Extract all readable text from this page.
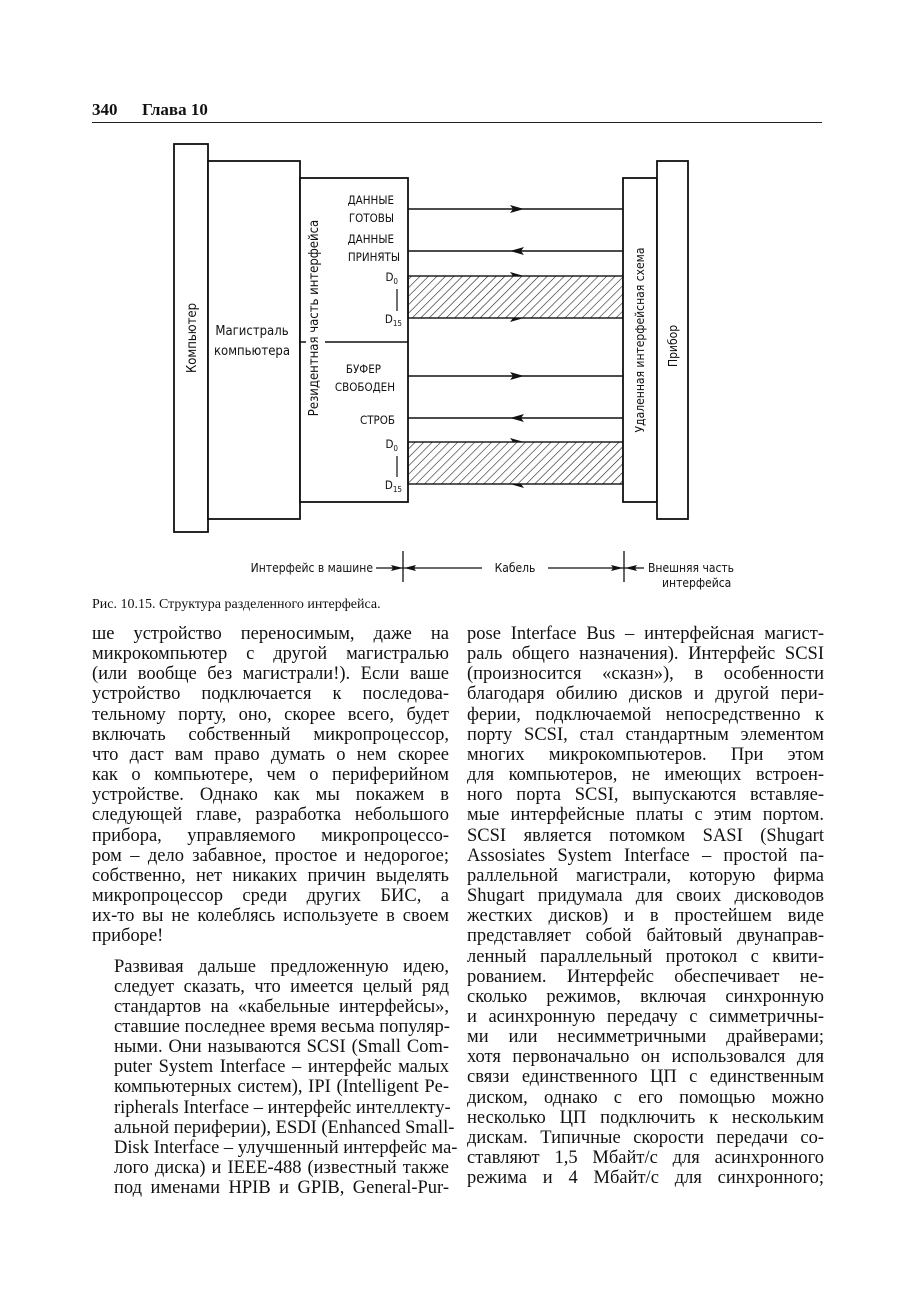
340 Глава 10
Компьютер Магистраль
компьютера Резидентная часть интерфейса
ДАННЫЕ
ГОТОВЫ
ДАННЫЕ
ПРИНЯТЫ
$D_0$
$D_{15}$
БУФЕР
СВОБОДЕН
СТРОБ
$D_0$
$D_{15}$
Удаленная интерфейсная схема Прибор
Интерфейс в машине	Кабель	Внешняя часть
интерфейса
Рис. 10.15. Структура разделенного интерфейса.

ше устройство переносимым, даже на
микрокомпьютер с другой магистралью
(или вообще без магистрали!). Если ваше
устройство подключается к последова-
тельному порту, оно, скорее всего, будет
включать собственный микропроцессор,
что даст вам право думать о нем скорее
как о компьютере, чем о периферийном
устройстве. Однако как мы покажем в
следующей главе, разработка небольшого
прибора, управляемого микропроцессо-
ром – дело забавное, простое и недорогое;
собственно, нет никаких причин выделять
микропроцессор среди других БИС, а
их-то вы не колеблясь используете в своем
приборе!

Развивая дальше предложенную идею,
следует сказать, что имеется целый ряд
стандартов на «кабельные интерфейсы»,
ставшие последнее время весьма популяр-
ными. Они называются SCSI (Small Com-
puter System Interface – интерфейс малых
компьютерных систем), IPI (Intelligent Pe-
ripherals Interface – интерфейс интеллекту-
альной периферии), ESDI (Enhanced Small-
Disk Interface – улучшенный интерфейс ма-
лого диска) и IEEE-488 (известный также
под именами HPIB и GPIB, General-Pur-

pose Interface Bus – интерфейсная магист-
раль общего назначения). Интерфейс SCSI
(произносится «сказн»), в особенности
благодаря обилию дисков и другой пери-
ферии, подключаемой непосредственно к
порту SCSI, стал стандартным элементом
многих микрокомпьютеров. При этом
для компьютеров, не имеющих встроен-
ного порта SCSI, выпускаются вставляе-
мые интерфейсные платы с этим портом.
SCSI является потомком SASI (Shugart
Assosiates System Interface – простой па-
раллельной магистрали, которую фирма
Shugart придумала для своих дисководов
жестких дисков) и в простейшем виде
представляет собой байтовый двунаправ-
ленный параллельный протокол с квити-
рованием. Интерфейс обеспечивает не-
сколько режимов, включая синхронную
и асинхронную передачу с симметричны-
ми или несимметричными драйверами;
хотя первоначально он использовался для
связи единственного ЦП с единственным
диском, однако с его помощью можно
несколько ЦП подключить к нескольким
дискам. Типичные скорости передачи со-
ставляют 1,5 Мбайт/с для асинхронного
режима и 4 Мбайт/с для синхронного;
